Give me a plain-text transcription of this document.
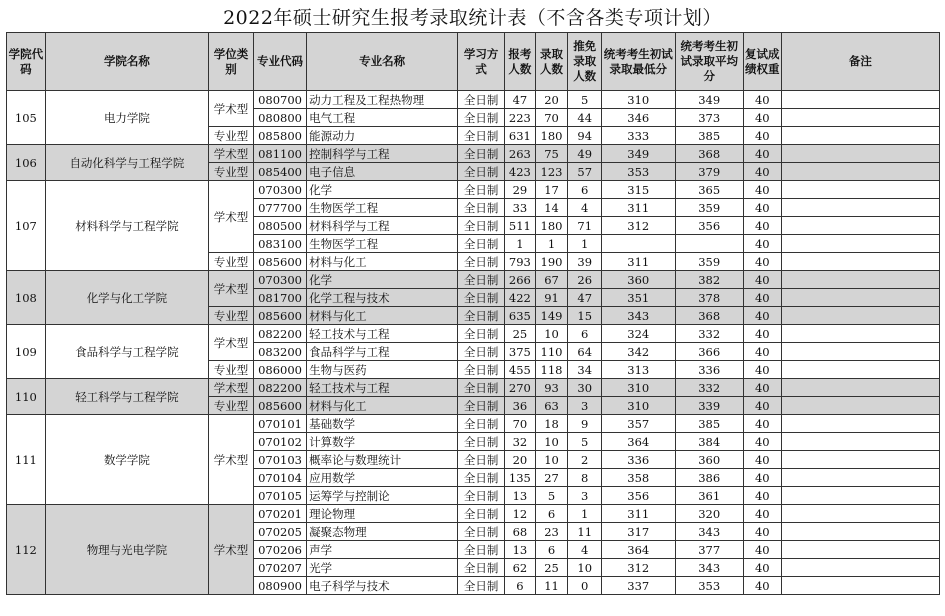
2022年硕士研究生报考录取统计表（不含各类专项计划）
学院代码	学院名称	学位类别	专业代码	专业名称	学习方式	报考人数	录取人数	推免录取人数	统考考生初试录取最低分	统考考生初试录取平均分	复试成绩权重	备注
105	电力学院	学术型	080700	动力工程及工程热物理	全日制	47	20	5	310	349	40	
			080800	电气工程	全日制	223	70	44	346	373	40	
		专业型	085800	能源动力	全日制	631	180	94	333	385	40	
106	自动化科学与工程学院	学术型	081100	控制科学与工程	全日制	263	75	49	349	368	40	
		专业型	085400	电子信息	全日制	423	123	57	353	379	40	
107	材料科学与工程学院	学术型	070300	化学	全日制	29	17	6	315	365	40	
			077700	生物医学工程	全日制	33	14	4	311	359	40	
			080500	材料科学与工程	全日制	511	180	71	312	356	40	
			083100	生物医学工程	全日制	1	1	1			40	
		专业型	085600	材料与化工	全日制	793	190	39	311	359	40	
108	化学与化工学院	学术型	070300	化学	全日制	266	67	26	360	382	40	
			081700	化学工程与技术	全日制	422	91	47	351	378	40	
		专业型	085600	材料与化工	全日制	635	149	15	343	368	40	
109	食品科学与工程学院	学术型	082200	轻工技术与工程	全日制	25	10	6	324	332	40	
			083200	食品科学与工程	全日制	375	110	64	342	366	40	
		专业型	086000	生物与医药	全日制	455	118	34	313	336	40	
110	轻工科学与工程学院	学术型	082200	轻工技术与工程	全日制	270	93	30	310	332	40	
		专业型	085600	材料与化工	全日制	36	63	3	310	339	40	
111	数学学院	学术型	070101	基础数学	全日制	70	18	9	357	385	40	
			070102	计算数学	全日制	32	10	5	364	384	40	
			070103	概率论与数理统计	全日制	20	10	2	336	360	40	
			070104	应用数学	全日制	135	27	8	358	386	40	
			070105	运筹学与控制论	全日制	13	5	3	356	361	40	
112	物理与光电学院	学术型	070201	理论物理	全日制	12	6	1	311	320	40	
			070205	凝聚态物理	全日制	68	23	11	317	343	40	
			070206	声学	全日制	13	6	4	364	377	40	
			070207	光学	全日制	62	25	10	312	343	40	
			080900	电子科学与技术	全日制	6	11	0	337	353	40	
